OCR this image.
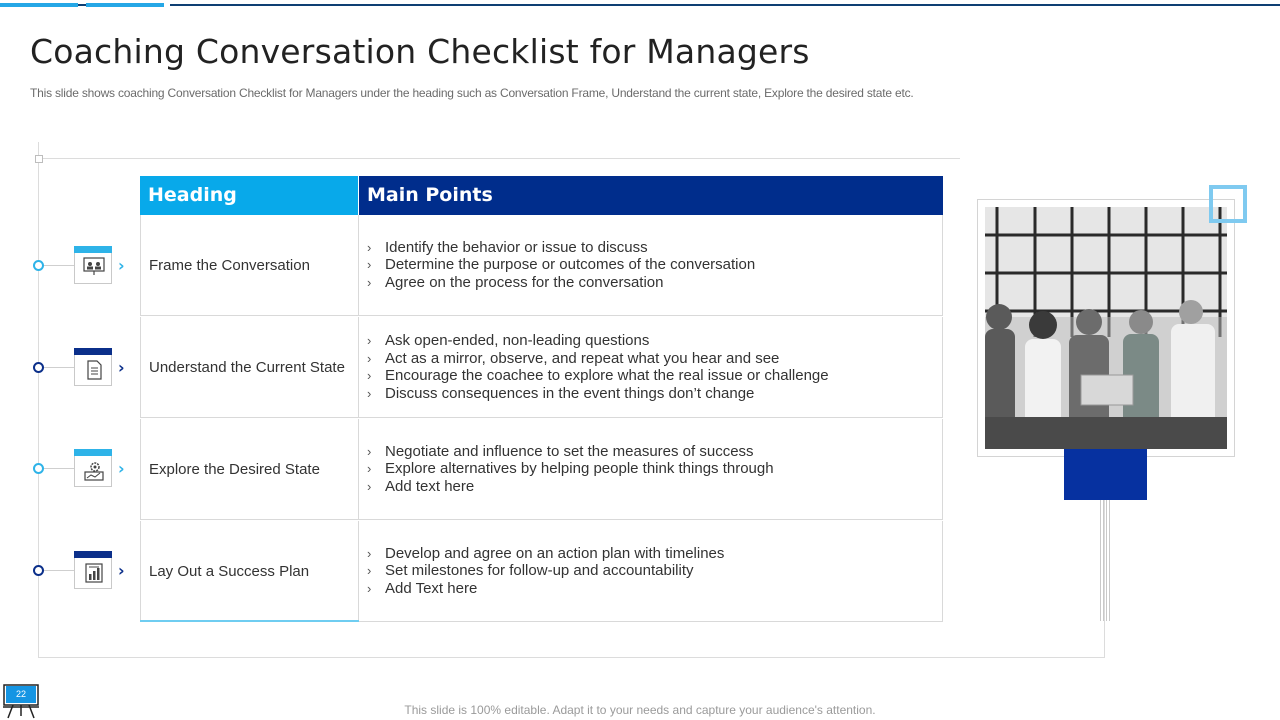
Coaching Conversation Checklist for Managers

This slide shows coaching Conversation Checklist for Managers under the heading such as Conversation Frame, Understand the current state, Explore the desired state etc.

›
›
›
›
Heading	Main Points
Frame the Conversation
› Identify the behavior or issue to discuss
› Determine the purpose or outcomes of the conversation
› Agree on the process for the conversation
Understand the Current State
› Ask open-ended, non-leading questions
› Act as a mirror, observe, and repeat what you hear and see
› Encourage the coachee to explore what the real issue or challenge
› Discuss consequences in the event things don’t change
Explore the Desired State
› Negotiate and influence to set the measures of success
› Explore alternatives by helping people think things through
› Add text here
Lay Out a Success Plan
› Develop and agree on an action plan with timelines
› Set milestones for follow-up and accountability
› Add Text here
22
This slide is 100% editable. Adapt it to your needs and capture your audience's attention.
